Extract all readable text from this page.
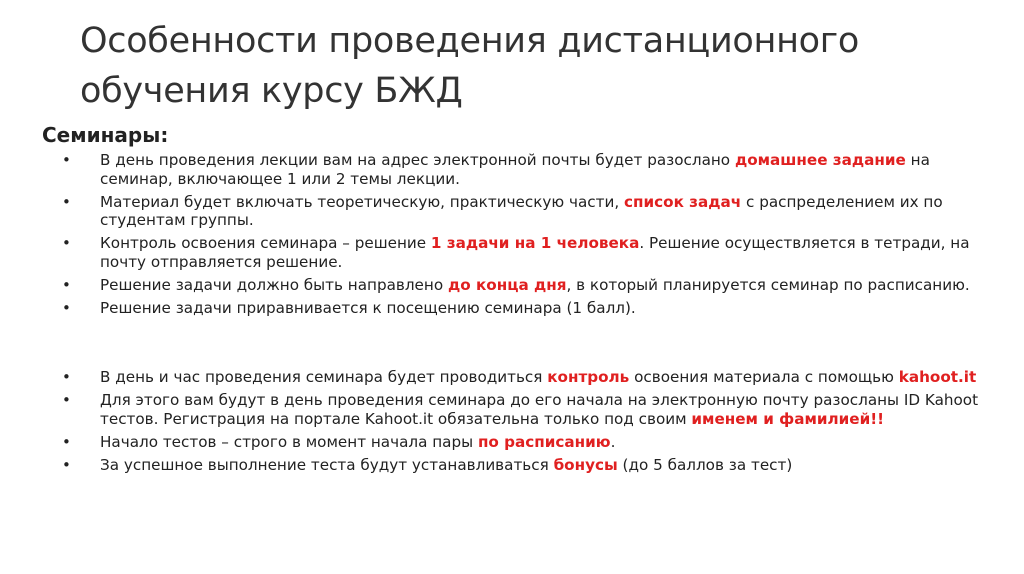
Особенности проведения дистанционного
обучения курсу БЖД
Семинары:
• В день проведения лекции вам на адрес электронной почты будет разослано домашнее задание на семинар, включающее 1 или 2 темы лекции.
• Материал будет включать теоретическую, практическую части, список задач с распределением их по студентам группы.
• Контроль освоения семинара – решение 1 задачи на 1 человека. Решение осуществляется в тетради, на почту отправляется решение.
• Решение задачи должно быть направлено до конца дня, в который планируется семинар по расписанию.
• Решение задачи приравнивается к посещению семинара (1 балл).
• В день и час проведения семинара будет проводиться контроль освоения материала с помощью kahoot.it
• Для этого вам будут в день проведения семинара до его начала на электронную почту разосланы ID Kahoot тестов. Регистрация на портале Kahoot.it обязательна только под своим именем и фамилией!!
• Начало тестов – строго в момент начала пары по расписанию.
• За успешное выполнение теста будут устанавливаться бонусы (до 5 баллов за тест)
